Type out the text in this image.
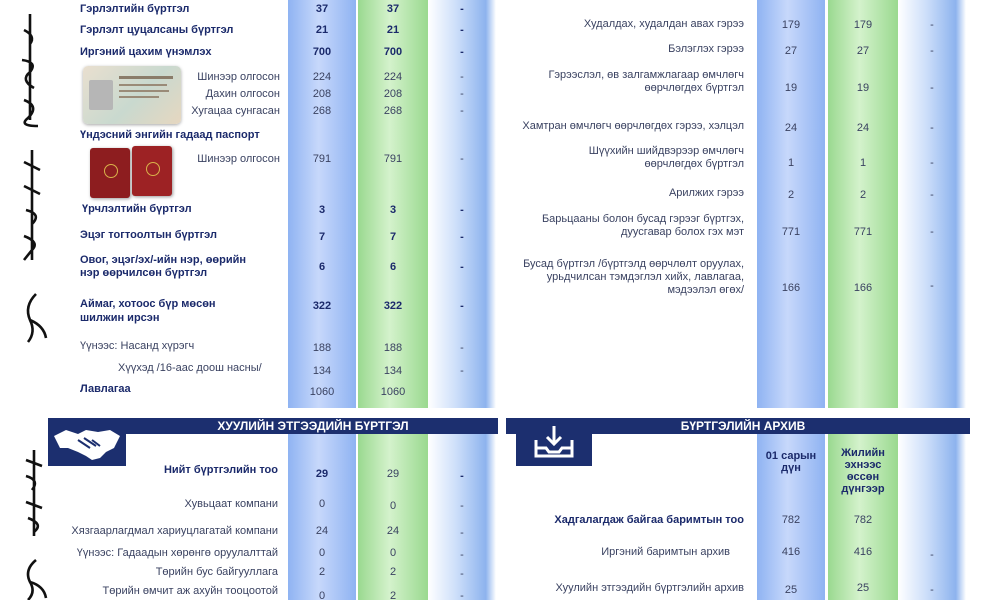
Гэрлэлтийн бүртгэл	37	37	-
Гэрлэлт цуцалсаны бүртгэл	21	21	-
Иргэний цахим үнэмлэх	700	700	-
Шинээр олгосон	224	224	-
Дахин олгосон	208	208	-
Хугацаа сунгасан	268	268	-
Үндэсний энгийн гадаад паспорт
Шинээр олгосон	791	791	-
Үрчлэлтийн бүртгэл	3	3	-
Эцэг тогтоолтын бүртгэл	7	7	-
Овог, эцэг/эх/-ийн нэр, өөрийн
нэр өөрчилсөн бүртгэл	6	6	-
Аймаг, хотоос бүр мөсөн
шилжин ирсэн
322	322	-
Үүнээс: Насанд хүрэгч	188	188	-
Хүүхэд /16-аас доош насны/	134	134	-
Лавлагаа	1060	1060
Худалдах, худалдан авах гэрээ	179	179	-
Бэлэглэх гэрээ	27	27	-
Гэрээслэл, өв залгамжлагаар өмчлөгч
өөрчлөгдөх бүртгэл	19	19	-
Хамтран өмчлөгч өөрчлөгдөх гэрээ, хэлцэл	24	24	-
Шүүхийн шийдвэрээр өмчлөгч
өөрчлөгдөх бүртгэл	1	1	-
Арилжих гэрээ	2	2	-
Барьцааны болон бусад гэрээг бүртгэх,
дуусгавар болох гэх мэт	771	771	-
Бусад бүртгэл /бүртгэлд өөрчлөлт оруулах,
урьдчилсан тэмдэглэл хийх, лавлагаа,
мэдээлэл өгөх/	166	166	-
ХУУЛИЙН ЭТГЭЭДИЙН БҮРТГЭЛ
Нийт бүртгэлийн тоо	29	29	-
Хувьцаат компани	0	0	-
Хязгаарлагдмал хариуцлагатай компани	24	24	-
Үүнээс: Гадаадын хөрөнгө оруулалттай	0	0	-
Төрийн бус байгууллага	2	2	-
Төрийн өмчит аж ахуйн тооцоотой	0	2	-
БҮРТГЭЛИЙН АРХИВ
01 сарын дүн
Жилийн эхнээс өссөн дүнгээр
Хадгалагдаж байгаа баримтын тоо	782	782
Иргэний баримтын архив	416	416	-
Хуулийн этгээдийн бүртгэлийн архив	25	25	-
